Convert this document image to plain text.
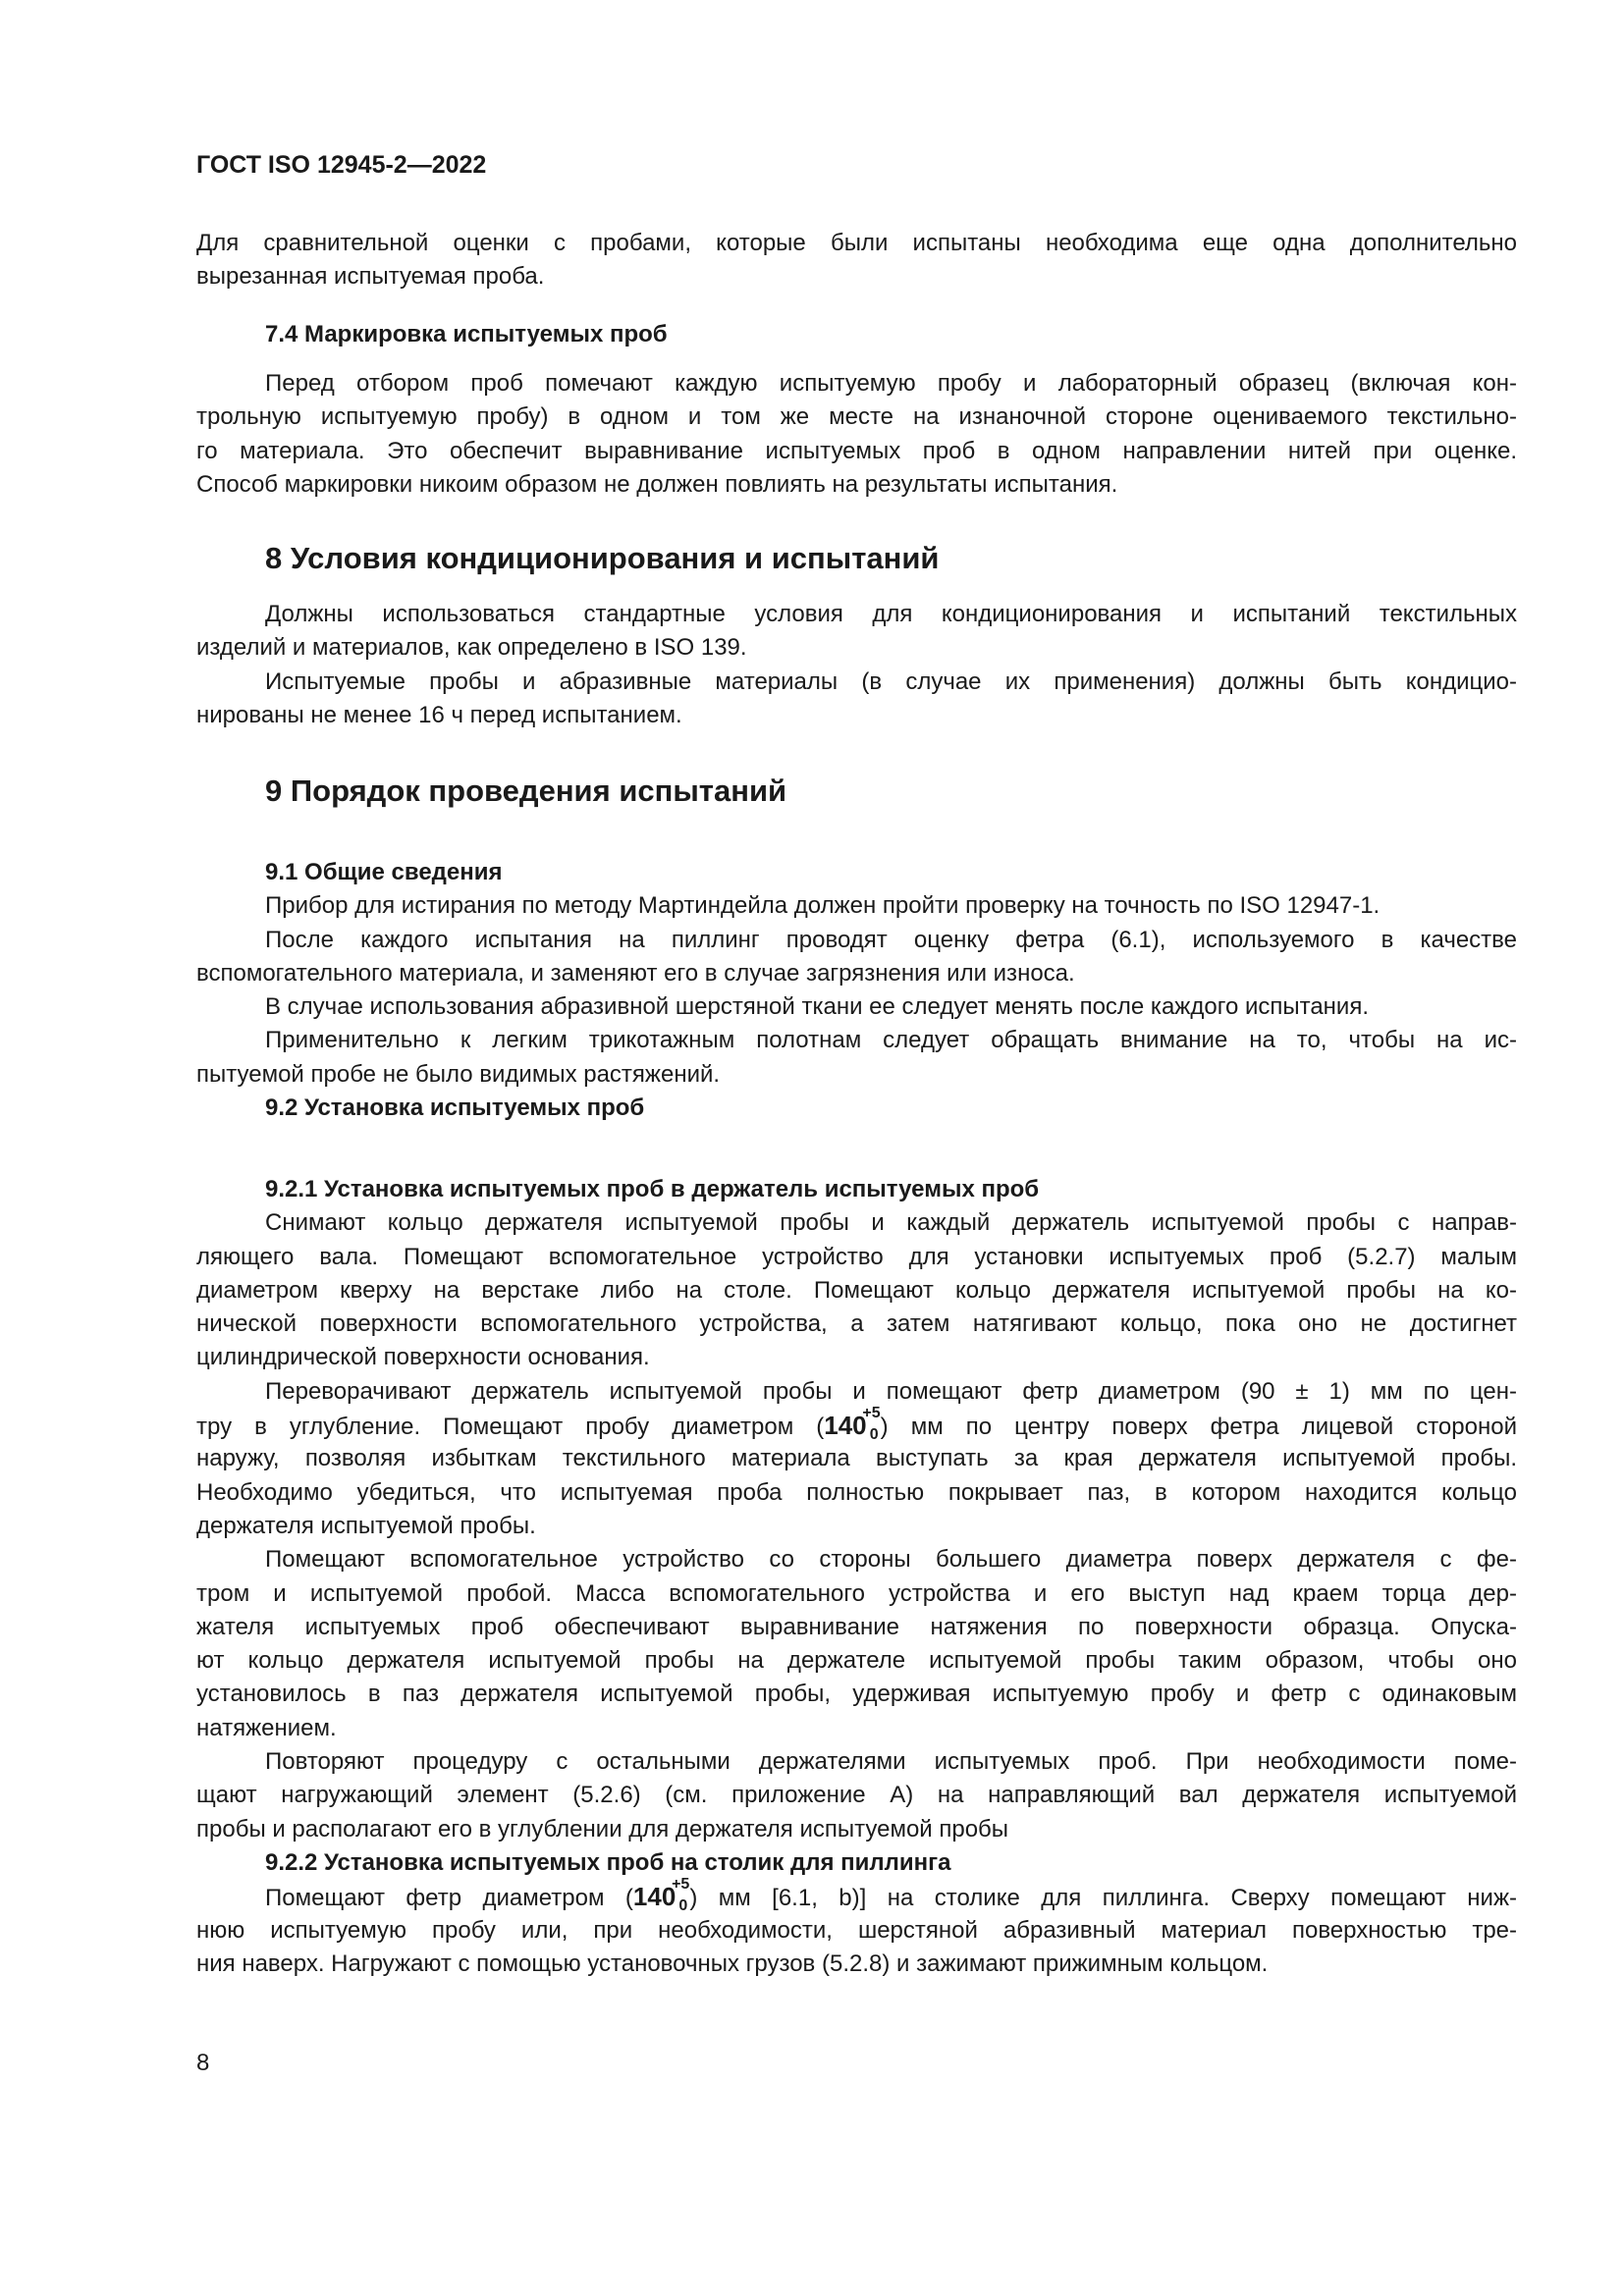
ГОСТ ISO 12945-2—2022
Для сравнительной оценки с пробами, которые были испытаны необходима еще одна дополнительно
вырезанная испытуемая проба.
7.4 Маркировка испытуемых проб
Перед отбором проб помечают каждую испытуемую пробу и лабораторный образец (включая кон-
трольную испытуемую пробу) в одном и том же месте на изнаночной стороне оцениваемого текстильно-
го материала. Это обеспечит выравнивание испытуемых проб в одном направлении нитей при оценке.
Способ маркировки никоим образом не должен повлиять на результаты испытания.
8 Условия кондиционирования и испытаний
Должны использоваться стандартные условия для кондиционирования и испытаний текстильных
изделий и материалов, как определено в ISO 139.
Испытуемые пробы и абразивные материалы (в случае их применения) должны быть кондицио-
нированы не менее 16 ч перед испытанием.
9 Порядок проведения испытаний
9.1 Общие сведения
Прибор для истирания по методу Мартиндейла должен пройти проверку на точность по ISO 12947-1.
После каждого испытания на пиллинг проводят оценку фетра (6.1), используемого в качестве
вспомогательного материала, и заменяют его в случае загрязнения или износа.
В случае использования абразивной шерстяной ткани ее следует менять после каждого испытания.
Применительно к легким трикотажным полотнам следует обращать внимание на то, чтобы на ис-
пытуемой пробе не было видимых растяжений.
9.2 Установка испытуемых проб
9.2.1 Установка испытуемых проб в держатель испытуемых проб
Снимают кольцо держателя испытуемой пробы и каждый держатель испытуемой пробы с направ-
ляющего вала. Помещают вспомогательное устройство для установки испытуемых проб (5.2.7) малым
диаметром кверху на верстаке либо на столе. Помещают кольцо держателя испытуемой пробы на ко-
нической поверхности вспомогательного устройства, а затем натягивают кольцо, пока оно не достигнет
цилиндрической поверхности основания.
Переворачивают держатель испытуемой пробы и помещают фетр диаметром (90 ± 1) мм по цен-
тру в углубление. Помещают пробу диаметром (140
+5
0 ) мм по центру поверх фетра лицевой стороной
наружу, позволяя избыткам текстильного материала выступать за края держателя испытуемой пробы.
Необходимо убедиться, что испытуемая проба полностью покрывает паз, в котором находится кольцо
держателя испытуемой пробы.
Помещают вспомогательное устройство со стороны большего диаметра поверх держателя с фе-
тром и испытуемой пробой. Масса вспомогательного устройства и его выступ над краем торца дер-
жателя испытуемых проб обеспечивают выравнивание натяжения по поверхности образца. Опуска-
ют кольцо держателя испытуемой пробы на держателе испытуемой пробы таким образом, чтобы оно
установилось в паз держателя испытуемой пробы, удерживая испытуемую пробу и фетр с одинаковым
натяжением.
Повторяют процедуру с остальными держателями испытуемых проб. При необходимости поме-
щают нагружающий элемент (5.2.6) (см. приложение А) на направляющий вал держателя испытуемой
пробы и располагают его в углублении для держателя испытуемой пробы
9.2.2 Установка испытуемых проб на столик для пиллинга
Помещают фетр диаметром (140
+5
0 ) мм [6.1, b)] на столике для пиллинга. Сверху помещают ниж-
нюю испытуемую пробу или, при необходимости, шерстяной абразивный материал поверхностью тре-
ния наверх. Нагружают с помощью установочных грузов (5.2.8) и зажимают прижимным кольцом.
8
